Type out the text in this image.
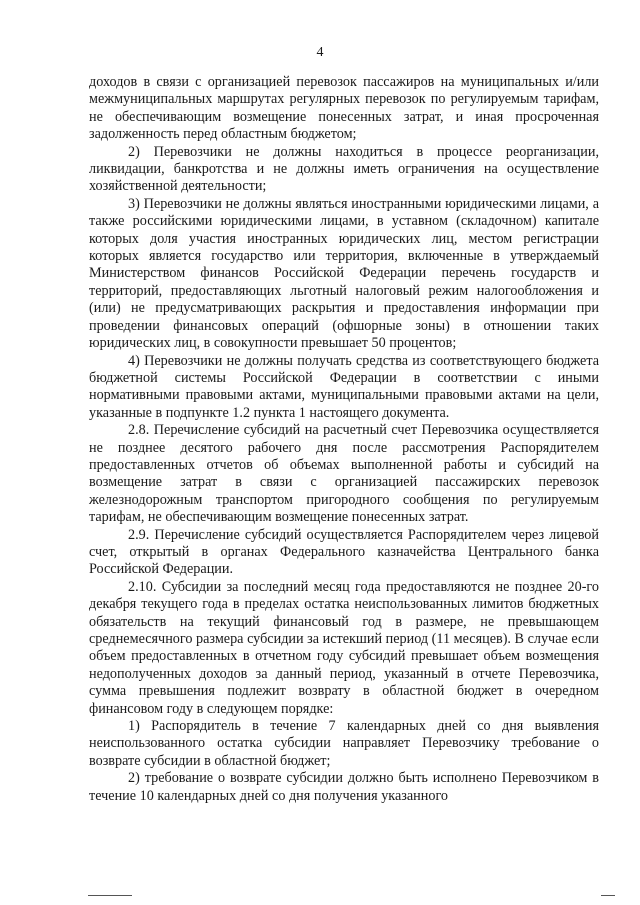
4

доходов в связи с организацией перевозок пассажиров на муниципальных и/или межмуниципальных маршрутах регулярных перевозок по регулируемым тарифам, не обеспечивающим возмещение понесенных затрат, и иная просроченная задолженность перед областным бюджетом;

2) Перевозчики не должны находиться в процессе реорганизации, ликвидации, банкротства и не должны иметь ограничения на осуществление хозяйственной деятельности;

3) Перевозчики не должны являться иностранными юридическими лицами, а также российскими юридическими лицами, в уставном (складочном) капитале которых доля участия иностранных юридических лиц, местом регистрации которых является государство или территория, включенные в утверждаемый Министерством финансов Российской Федерации перечень государств и территорий, предоставляющих льготный налоговый режим налогообложения и (или) не предусматривающих раскрытия и предоставления информации при проведении финансовых операций (офшорные зоны) в отношении таких юридических лиц, в совокупности превышает 50 процентов;

4) Перевозчики не должны получать средства из соответствующего бюджета бюджетной системы Российской Федерации в соответствии с иными нормативными правовыми актами, муниципальными правовыми актами на цели, указанные в подпункте 1.2 пункта 1 настоящего документа.

2.8. Перечисление субсидий на расчетный счет Перевозчика осуществляется не позднее десятого рабочего дня после рассмотрения Распорядителем предоставленных отчетов об объемах выполненной работы и субсидий на возмещение затрат в связи с организацией пассажирских перевозок железнодорожным транспортом пригородного сообщения по регулируемым тарифам, не обеспечивающим возмещение понесенных затрат.

2.9. Перечисление субсидий осуществляется Распорядителем через лицевой счет, открытый в органах Федерального казначейства Центрального банка Российской Федерации.

2.10. Субсидии за последний месяц года предоставляются не позднее 20-го декабря текущего года в пределах остатка неиспользованных лимитов бюджетных обязательств на текущий финансовый год в размере, не превышающем среднемесячного размера субсидии за истекший период (11 месяцев). В случае если объем предоставленных в отчетном году субсидий превышает объем возмещения недополученных доходов за данный период, указанный в отчете Перевозчика, сумма превышения подлежит возврату в областной бюджет в очередном финансовом году в следующем порядке:

1) Распорядитель в течение 7 календарных дней со дня выявления неиспользованного остатка субсидии направляет Перевозчику требование о возврате субсидии в областной бюджет;

2) требование о возврате субсидии должно быть исполнено Перевозчиком в течение 10 календарных дней со дня получения указанного
